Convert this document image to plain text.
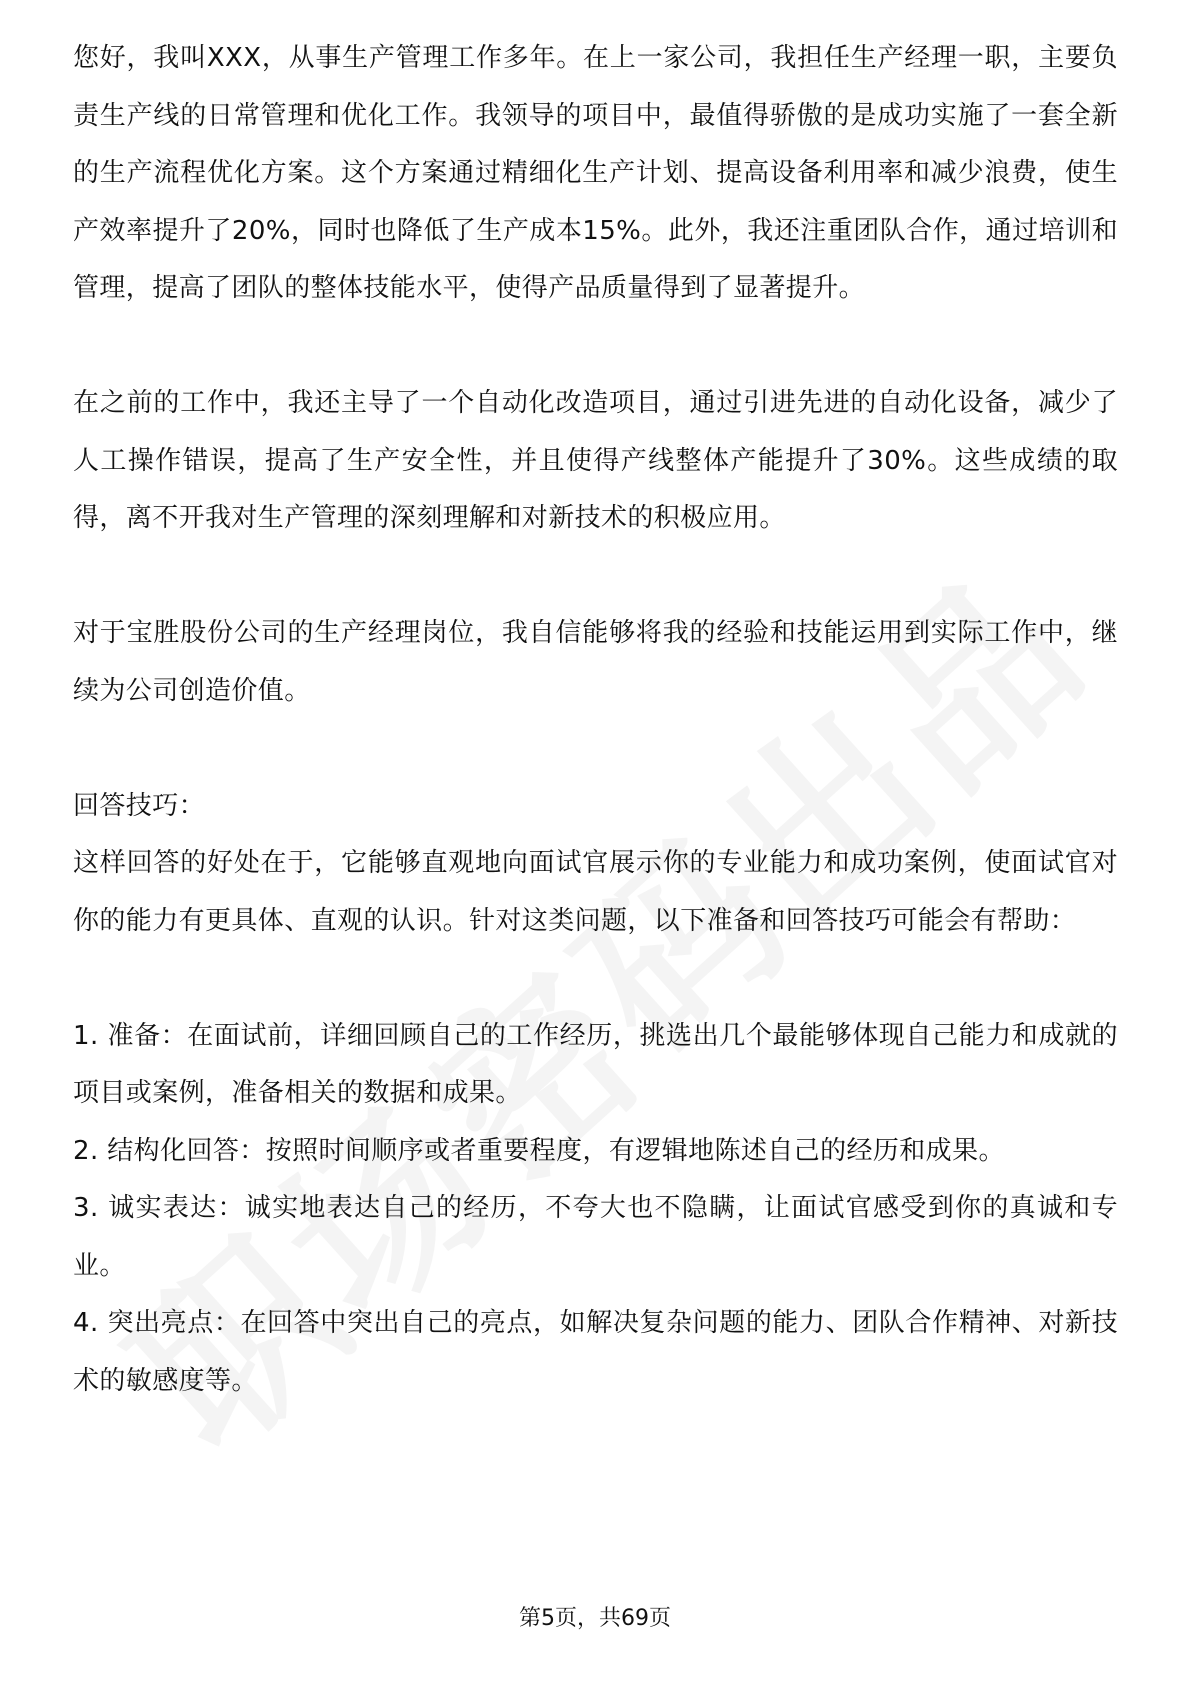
您好，我叫XXX，从事生产管理工作多年。在上一家公司，我担任生产经理一职，主要负责生产线的日常管理和优化工作。我领导的项目中，最值得骄傲的是成功实施了一套全新的生产流程优化方案。这个方案通过精细化生产计划、提高设备利用率和减少浪费，使生产效率提升了20%，同时也降低了生产成本15%。此外，我还注重团队合作，通过培训和管理，提高了团队的整体技能水平，使得产品质量得到了显著提升。

在之前的工作中，我还主导了一个自动化改造项目，通过引进先进的自动化设备，减少了人工操作错误，提高了生产安全性，并且使得产线整体产能提升了30%。这些成绩的取得，离不开我对生产管理的深刻理解和对新技术的积极应用。

对于宝胜股份公司的生产经理岗位，我自信能够将我的经验和技能运用到实际工作中，继续为公司创造价值。

回答技巧：

这样回答的好处在于，它能够直观地向面试官展示你的专业能力和成功案例，使面试官对你的能力有更具体、直观的认识。针对这类问题，以下准备和回答技巧可能会有帮助：

1. 准备：在面试前，详细回顾自己的工作经历，挑选出几个最能够体现自己能力和成就的项目或案例，准备相关的数据和成果。
2. 结构化回答：按照时间顺序或者重要程度，有逻辑地陈述自己的经历和成果。
3. 诚实表达：诚实地表达自己的经历，不夸大也不隐瞒，让面试官感受到你的真诚和专业。
4. 突出亮点：在回答中突出自己的亮点，如解决复杂问题的能力、团队合作精神、对新技术的敏感度等。
第5页，共69页
